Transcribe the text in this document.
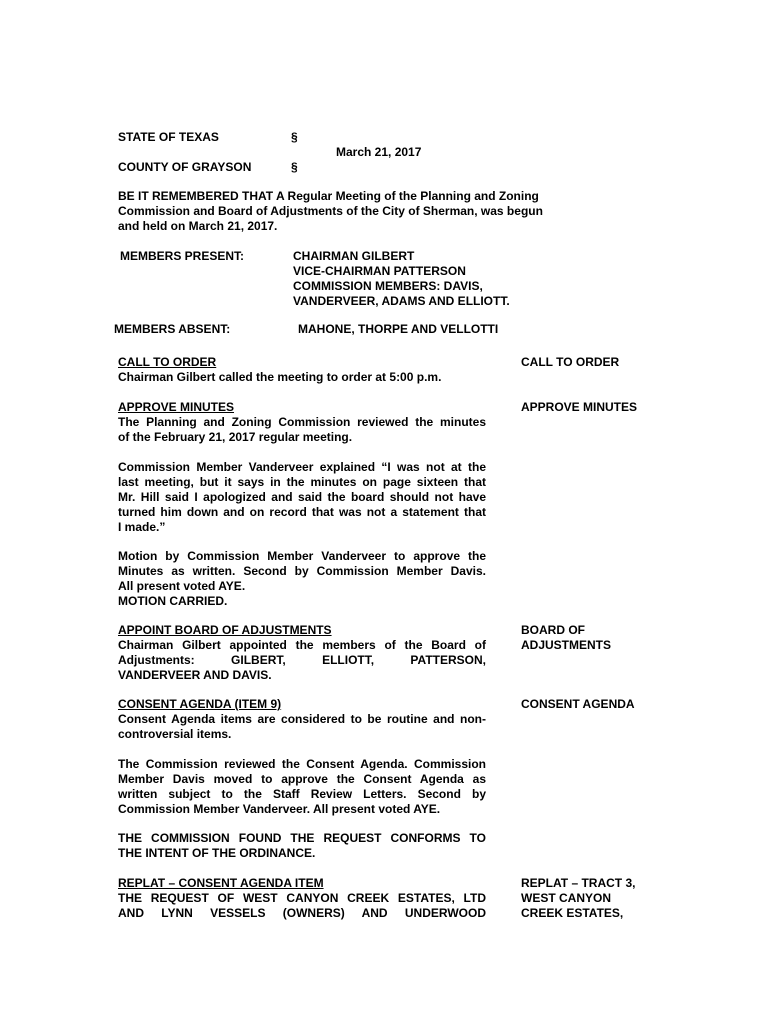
STATE OF TEXAS	§
March 21, 2017
COUNTY OF GRAYSON	§
BE IT REMEMBERED THAT A Regular Meeting of the Planning and Zoning
Commission and Board of Adjustments of the City of Sherman, was begun
and held on March 21, 2017.
MEMBERS PRESENT:	CHAIRMAN GILBERT
VICE-CHAIRMAN PATTERSON
COMMISSION MEMBERS: DAVIS,
VANDERVEER, ADAMS AND ELLIOTT.
MEMBERS ABSENT:	MAHONE, THORPE AND VELLOTTI
CALL TO ORDER
Chairman Gilbert called the meeting to order at 5:00 p.m.
CALL TO ORDER
APPROVE MINUTES	APPROVE MINUTES
The Planning and Zoning Commission reviewed the minutes
of the February 21, 2017 regular meeting.
Commission Member Vanderveer explained “I was not at the
last meeting, but it says in the minutes on page sixteen that
Mr. Hill said I apologized and said the board should not have
turned him down and on record that was not a statement that
I made.”
Motion by Commission Member Vanderveer to approve the
Minutes as written. Second by Commission Member Davis.
All present voted AYE.
MOTION CARRIED.
APPOINT BOARD OF ADJUSTMENTS
Chairman Gilbert appointed the members of the Board of
Adjustments: GILBERT, ELLIOTT, PATTERSON,
VANDERVEER AND DAVIS.
BOARD OF
ADJUSTMENTS
CONSENT AGENDA (ITEM 9)	CONSENT AGENDA
Consent Agenda items are considered to be routine and non-
controversial items.
The Commission reviewed the Consent Agenda. Commission
Member Davis moved to approve the Consent Agenda as
written subject to the Staff Review Letters. Second by
Commission Member Vanderveer. All present voted AYE.
THE COMMISSION FOUND THE REQUEST CONFORMS TO
THE INTENT OF THE ORDINANCE.
REPLAT – CONSENT AGENDA ITEM
THE REQUEST OF WEST CANYON CREEK ESTATES, LTD
AND LYNN VESSELS (OWNERS) AND UNDERWOOD
REPLAT – TRACT 3,
WEST CANYON
CREEK ESTATES,
